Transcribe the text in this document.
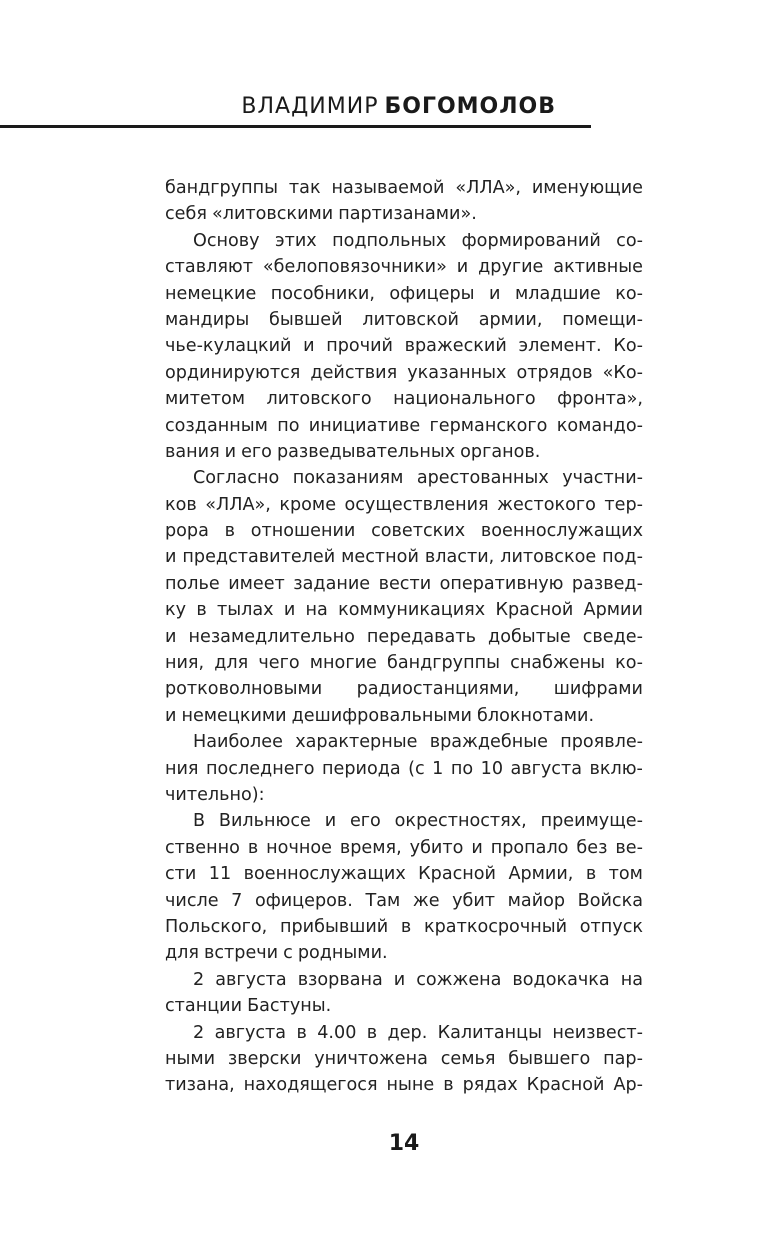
ВЛАДИМИР БОГОМОЛОВ
бандгруппы так называемой «ЛЛА», именующие
себя «литовскими партизанами».
Основу этих подпольных формирований со-
ставляют «белоповязочники» и другие активные
немецкие пособники, офицеры и младшие ко-
мандиры бывшей литовской армии, помещи-
чье-кулацкий и прочий вражеский элемент. Ко-
ординируются действия указанных отрядов «Ко-
митетом литовского национального фронта»,
созданным по инициативе германского командо-
вания и его разведывательных органов.
Согласно показаниям арестованных участни-
ков «ЛЛА», кроме осуществления жестокого тер-
рора в отношении советских военнослужащих
и представителей местной власти, литовское под-
полье имеет задание вести оперативную развед-
ку в тылах и на коммуникациях Красной Армии
и незамедлительно передавать добытые сведе-
ния, для чего многие бандгруппы снабжены ко-
ротковолновыми радиостанциями, шифрами
и немецкими дешифровальными блокнотами.
Наиболее характерные враждебные проявле-
ния последнего периода (с 1 по 10 августа вклю-
чительно):
В Вильнюсе и его окрестностях, преимуще-
ственно в ночное время, убито и пропало без ве-
сти 11 военнослужащих Красной Армии, в том
числе 7 офицеров. Там же убит майор Войска
Польского, прибывший в краткосрочный отпуск
для встречи с родными.
2 августа взорвана и сожжена водокачка на
станции Бастуны.
2 августа в 4.00 в дер. Калитанцы неизвест-
ными зверски уничтожена семья бывшего пар-
тизана, находящегося ныне в рядах Красной Ар-
14
